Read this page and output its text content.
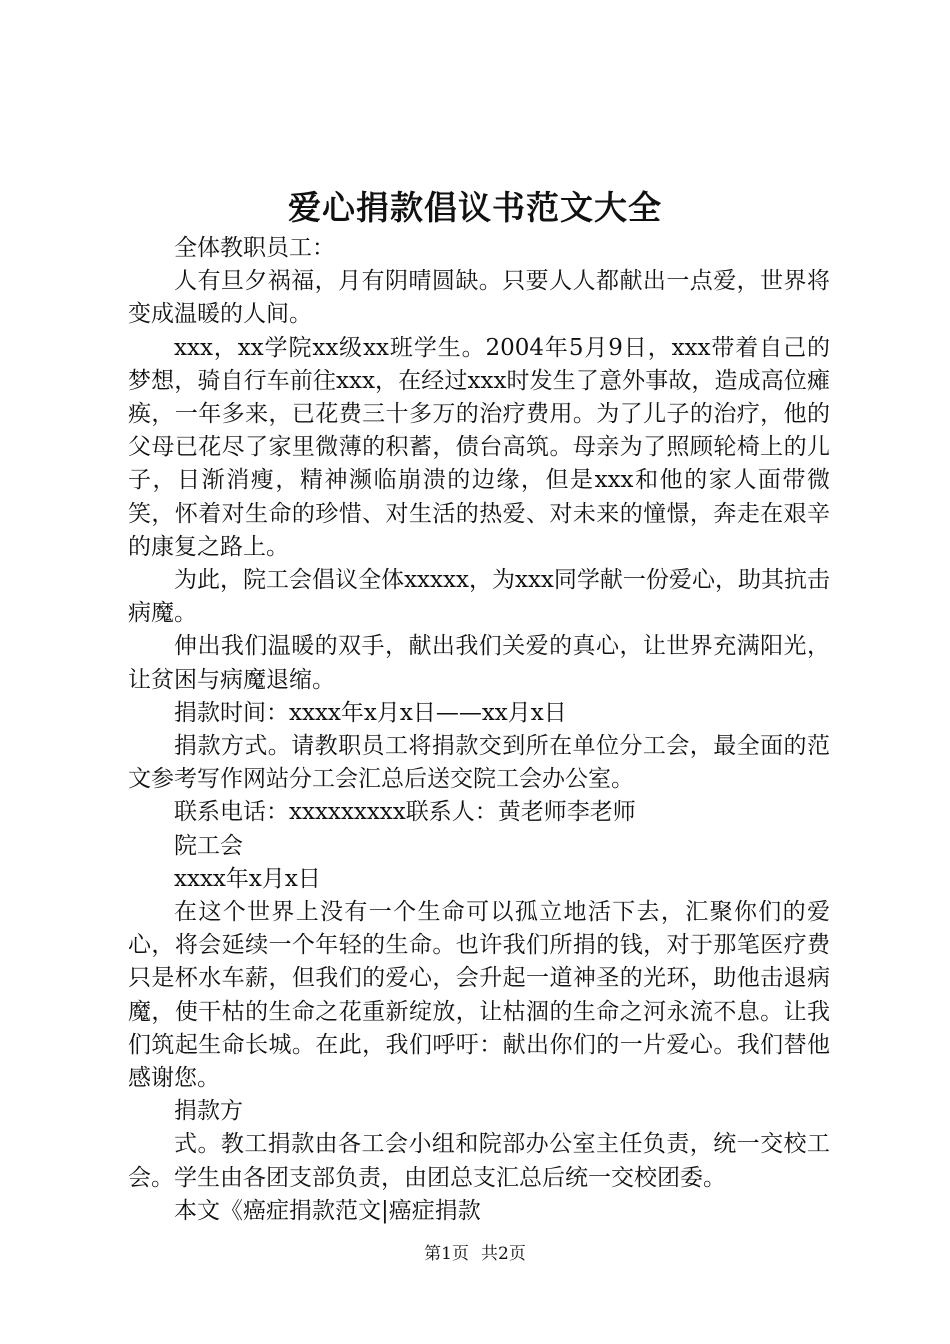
爱心捐款倡议书范文大全

全体教职员工：

人有旦夕祸福，月有阴晴圆缺。只要人人都献出一点爱，世界将变成温暖的人间。

xxx，xx学院xx级xx班学生。2004年5月9日，xxx带着自己的梦想，骑自行车前往xxx，在经过xxx时发生了意外事故，造成高位瘫痪，一年多来，已花费三十多万的治疗费用。为了儿子的治疗，他的父母已花尽了家里微薄的积蓄，债台高筑。母亲为了照顾轮椅上的儿子，日渐消瘦，精神濒临崩溃的边缘，但是xxx和他的家人面带微笑，怀着对生命的珍惜、对生活的热爱、对未来的憧憬，奔走在艰辛的康复之路上。

为此，院工会倡议全体xxxxx，为xxx同学献一份爱心，助其抗击病魔。

伸出我们温暖的双手，献出我们关爱的真心，让世界充满阳光，让贫困与病魔退缩。

捐款时间：xxxx年x月x日——xx月x日

捐款方式。请教职员工将捐款交到所在单位分工会，最全面的范文参考写作网站分工会汇总后送交院工会办公室。

联系电话：xxxxxxxxx联系人：黄老师李老师

院工会

xxxx年x月x日

在这个世界上没有一个生命可以孤立地活下去，汇聚你们的爱心，将会延续一个年轻的生命。也许我们所捐的钱，对于那笔医疗费只是杯水车薪，但我们的爱心，会升起一道神圣的光环，助他击退病魔，使干枯的生命之花重新绽放，让枯涸的生命之河永流不息。让我们筑起生命长城。在此，我们呼吁：献出你们的一片爱心。我们替他感谢您。

捐款方

式。教工捐款由各工会小组和院部办公室主任负责，统一交校工会。学生由各团支部负责，由团总支汇总后统一交校团委。

本文《癌症捐款范文|癌症捐款

第1页 共2页
